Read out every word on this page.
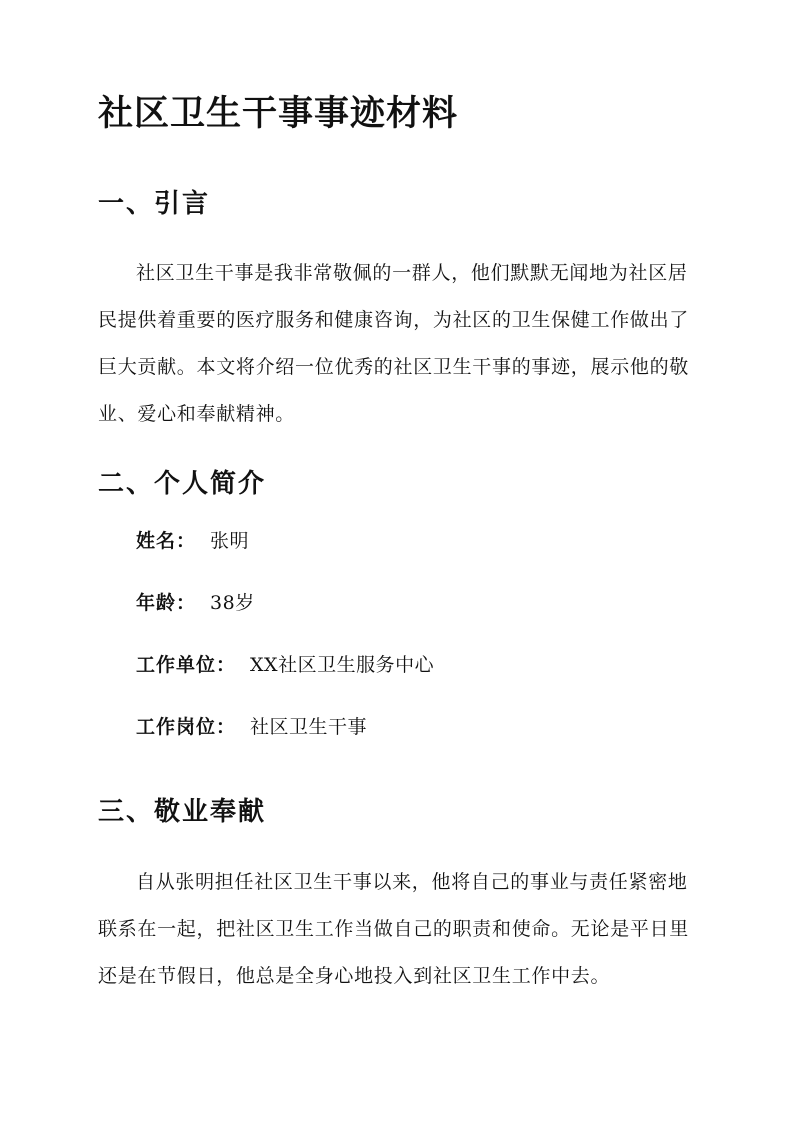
社区卫生干事事迹材料
一、引言

社区卫生干事是我非常敬佩的一群人，他们默默无闻地为社区居民提供着重要的医疗服务和健康咨询，为社区的卫生保健工作做出了巨大贡献。本文将介绍一位优秀的社区卫生干事的事迹，展示他的敬业、爱心和奉献精神。

二、个人简介
姓名： 张明
年龄： 38岁
工作单位： XX社区卫生服务中心
工作岗位： 社区卫生干事
三、敬业奉献

自从张明担任社区卫生干事以来，他将自己的事业与责任紧密地联系在一起，把社区卫生工作当做自己的职责和使命。无论是平日里还是在节假日，他总是全身心地投入到社区卫生工作中去。
